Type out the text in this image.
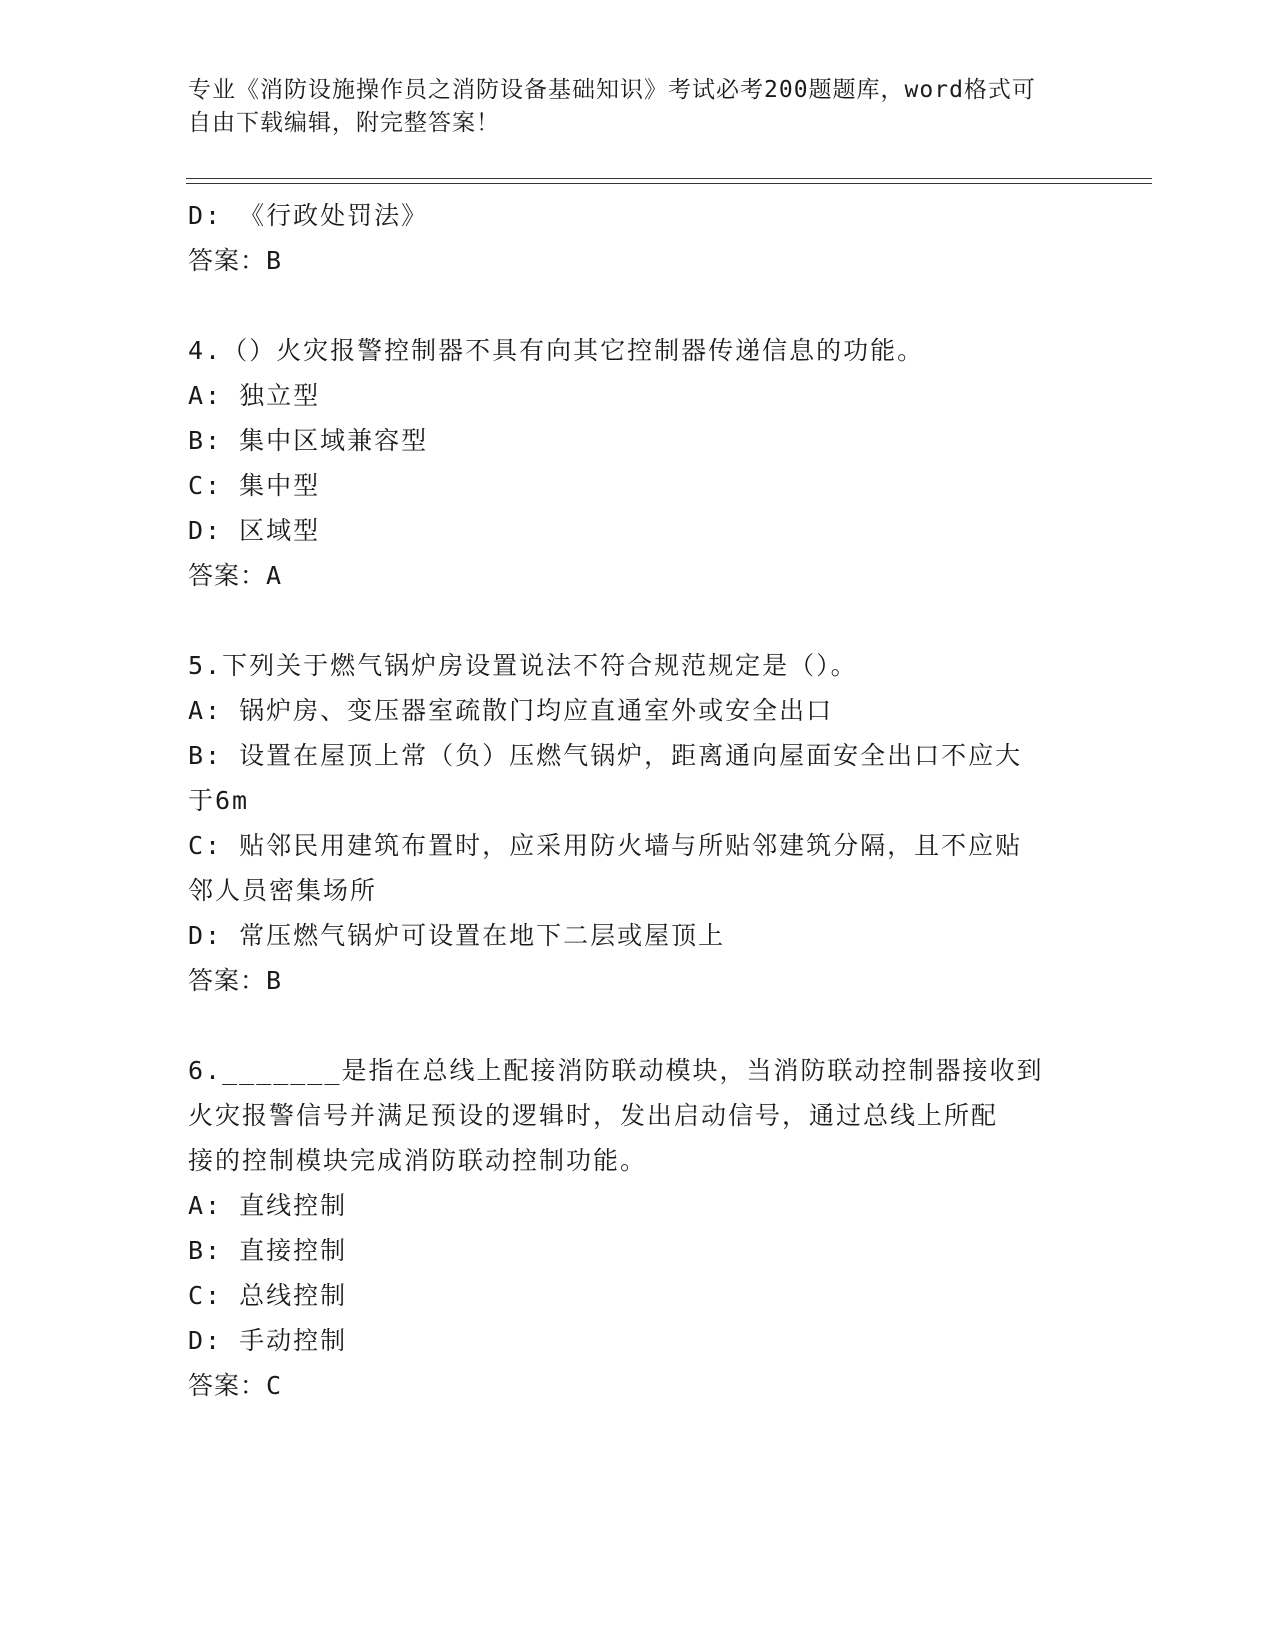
专业《消防设施操作员之消防设备基础知识》考试必考200题题库，word格式可
自由下载编辑，附完整答案！
D: 《行政处罚法》
答案：B
4.（）火灾报警控制器不具有向其它控制器传递信息的功能。
A: 独立型
B: 集中区域兼容型
C: 集中型
D: 区域型
答案：A
5.下列关于燃气锅炉房设置说法不符合规范规定是（）。
A: 锅炉房、变压器室疏散门均应直通室外或安全出口
B: 设置在屋顶上常（负）压燃气锅炉，距离通向屋面安全出口不应大
于6m
C: 贴邻民用建筑布置时，应采用防火墙与所贴邻建筑分隔，且不应贴
邻人员密集场所
D: 常压燃气锅炉可设置在地下二层或屋顶上
答案：B
6._______是指在总线上配接消防联动模块，当消防联动控制器接收到
火灾报警信号并满足预设的逻辑时，发出启动信号，通过总线上所配
接的控制模块完成消防联动控制功能。
A: 直线控制
B: 直接控制
C: 总线控制
D: 手动控制
答案：C
